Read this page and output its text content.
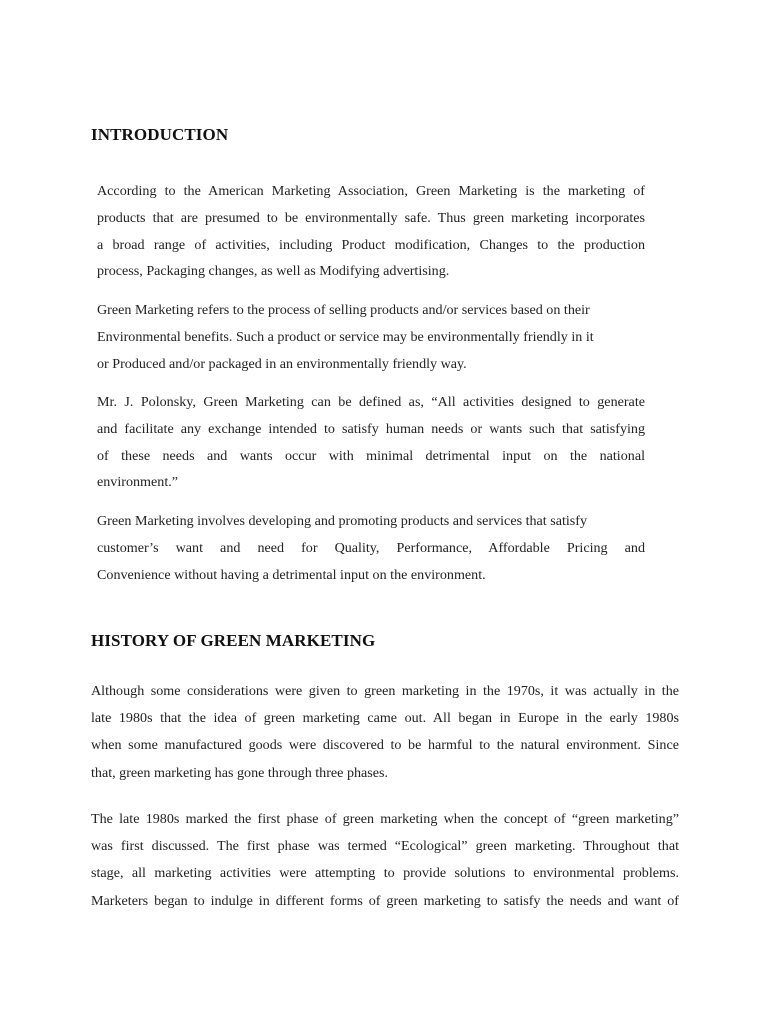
INTRODUCTION

According to the American Marketing Association, Green Marketing is the marketing of
products that are presumed to be environmentally safe. Thus green marketing incorporates
a broad range of activities, including Product modification, Changes to the production
process, Packaging changes, as well as Modifying advertising.

Green Marketing refers to the process of selling products and/or services based on their
Environmental benefits. Such a product or service may be environmentally friendly in it
or Produced and/or packaged in an environmentally friendly way.

Mr. J. Polonsky, Green Marketing can be defined as, “All activities designed to generate
and facilitate any exchange intended to satisfy human needs or wants such that satisfying
of these needs and wants occur with minimal detrimental input on the national
environment.”

Green Marketing involves developing and promoting products and services that satisfy
customer’s want and need for Quality, Performance, Affordable Pricing and
Convenience without having a detrimental input on the environment.

HISTORY OF GREEN MARKETING

Although some considerations were given to green marketing in the 1970s, it was actually in the
late 1980s that the idea of green marketing came out. All began in Europe in the early 1980s
when some manufactured goods were discovered to be harmful to the natural environment. Since
that, green marketing has gone through three phases.

The late 1980s marked the first phase of green marketing when the concept of “green marketing”
was first discussed. The first phase was termed “Ecological” green marketing. Throughout that
stage, all marketing activities were attempting to provide solutions to environmental problems.
Marketers began to indulge in different forms of green marketing to satisfy the needs and want of
